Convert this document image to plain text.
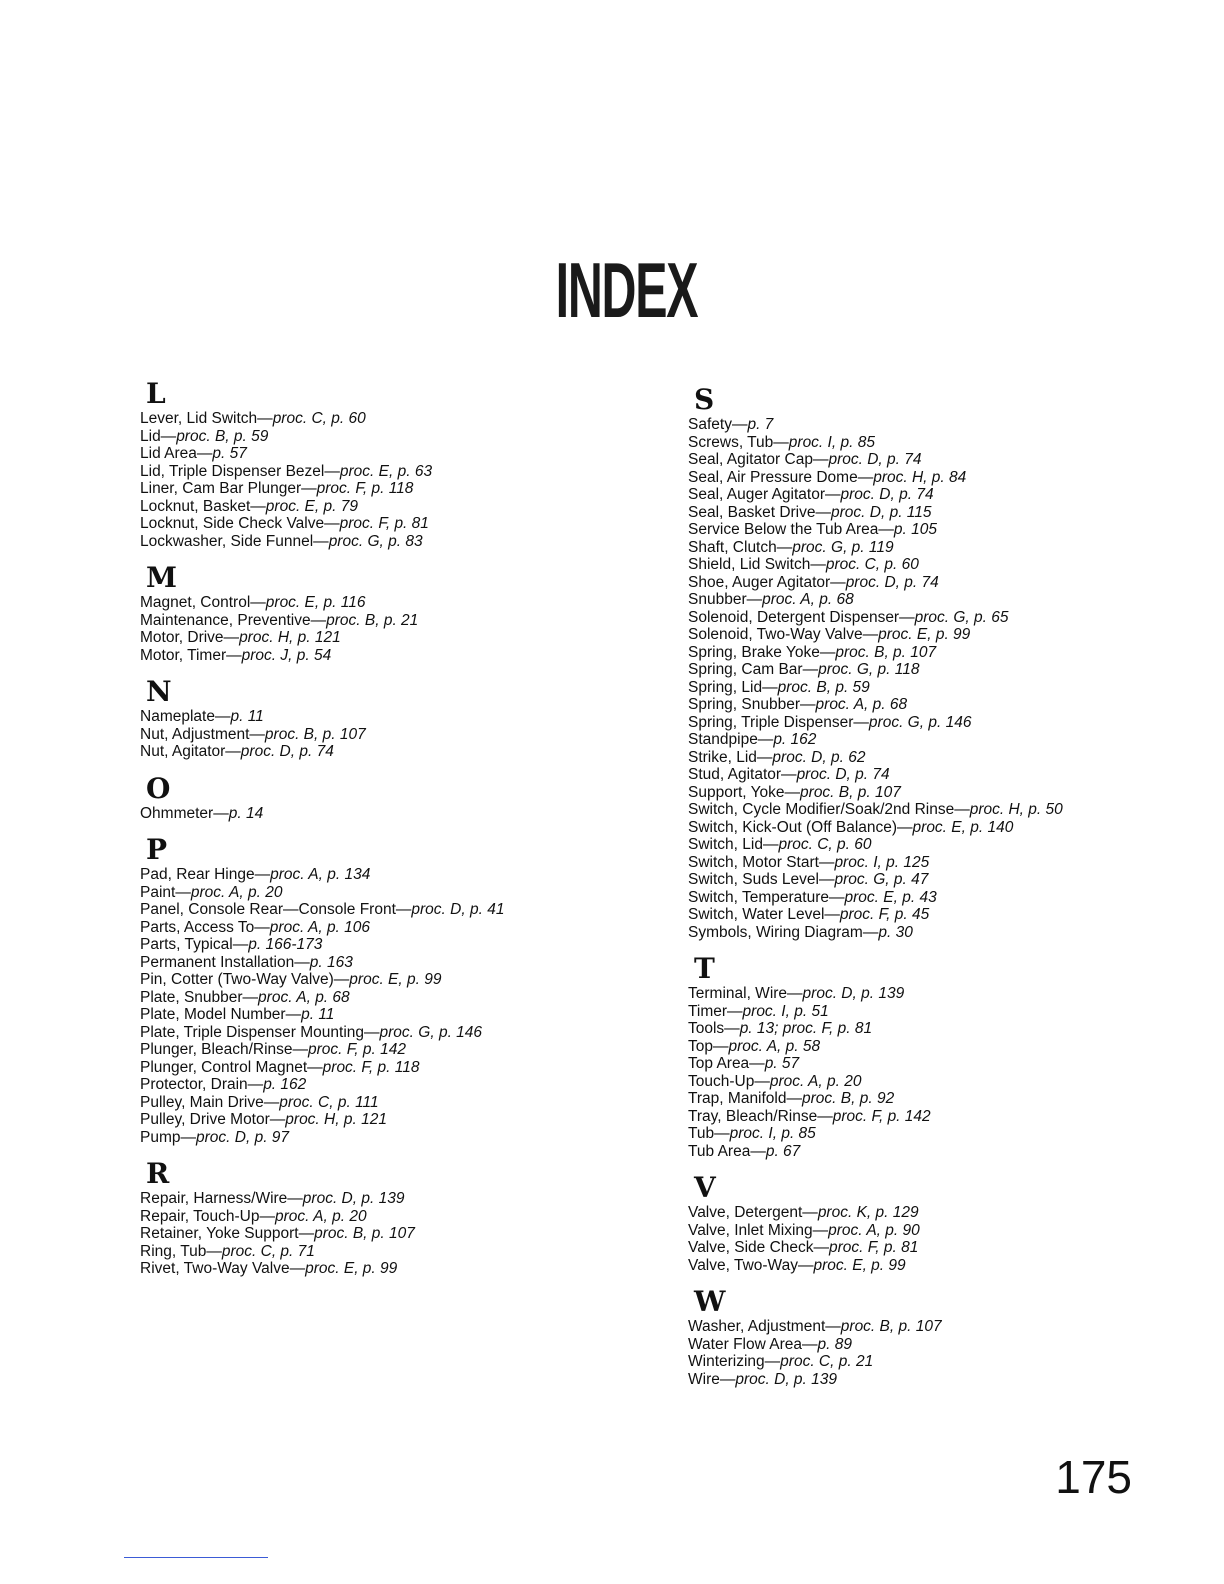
INDEX
L
Lever, Lid Switch—proc. C, p. 60
Lid—proc. B, p. 59
Lid Area—p. 57
Lid, Triple Dispenser Bezel—proc. E, p. 63
Liner, Cam Bar Plunger—proc. F, p. 118
Locknut, Basket—proc. E, p. 79
Locknut, Side Check Valve—proc. F, p. 81
Lockwasher, Side Funnel—proc. G, p. 83
M
Magnet, Control—proc. E, p. 116
Maintenance, Preventive—proc. B, p. 21
Motor, Drive—proc. H, p. 121
Motor, Timer—proc. J, p. 54
N
Nameplate—p. 11
Nut, Adjustment—proc. B, p. 107
Nut, Agitator—proc. D, p. 74
O
Ohmmeter—p. 14
P
Pad, Rear Hinge—proc. A, p. 134
Paint—proc. A, p. 20
Panel, Console Rear—Console Front—proc. D, p. 41
Parts, Access To—proc. A, p. 106
Parts, Typical—p. 166-173
Permanent Installation—p. 163
Pin, Cotter (Two-Way Valve)—proc. E, p. 99
Plate, Snubber—proc. A, p. 68
Plate, Model Number—p. 11
Plate, Triple Dispenser Mounting—proc. G, p. 146
Plunger, Bleach/Rinse—proc. F, p. 142
Plunger, Control Magnet—proc. F, p. 118
Protector, Drain—p. 162
Pulley, Main Drive—proc. C, p. 111
Pulley, Drive Motor—proc. H, p. 121
Pump—proc. D, p. 97
R
Repair, Harness/Wire—proc. D, p. 139
Repair, Touch-Up—proc. A, p. 20
Retainer, Yoke Support—proc. B, p. 107
Ring, Tub—proc. C, p. 71
Rivet, Two-Way Valve—proc. E, p. 99
S
Safety—p. 7
Screws, Tub—proc. I, p. 85
Seal, Agitator Cap—proc. D, p. 74
Seal, Air Pressure Dome—proc. H, p. 84
Seal, Auger Agitator—proc. D, p. 74
Seal, Basket Drive—proc. D, p. 115
Service Below the Tub Area—p. 105
Shaft, Clutch—proc. G, p. 119
Shield, Lid Switch—proc. C, p. 60
Shoe, Auger Agitator—proc. D, p. 74
Snubber—proc. A, p. 68
Solenoid, Detergent Dispenser—proc. G, p. 65
Solenoid, Two-Way Valve—proc. E, p. 99
Spring, Brake Yoke—proc. B, p. 107
Spring, Cam Bar—proc. G, p. 118
Spring, Lid—proc. B, p. 59
Spring, Snubber—proc. A, p. 68
Spring, Triple Dispenser—proc. G, p. 146
Standpipe—p. 162
Strike, Lid—proc. D, p. 62
Stud, Agitator—proc. D, p. 74
Support, Yoke—proc. B, p. 107
Switch, Cycle Modifier/Soak/2nd Rinse—proc. H, p. 50
Switch, Kick-Out (Off Balance)—proc. E, p. 140
Switch, Lid—proc. C, p. 60
Switch, Motor Start—proc. I, p. 125
Switch, Suds Level—proc. G, p. 47
Switch, Temperature—proc. E, p. 43
Switch, Water Level—proc. F, p. 45
Symbols, Wiring Diagram—p. 30
T
Terminal, Wire—proc. D, p. 139
Timer—proc. I, p. 51
Tools—p. 13; proc. F, p. 81
Top—proc. A, p. 58
Top Area—p. 57
Touch-Up—proc. A, p. 20
Trap, Manifold—proc. B, p. 92
Tray, Bleach/Rinse—proc. F, p. 142
Tub—proc. I, p. 85
Tub Area—p. 67
V
Valve, Detergent—proc. K, p. 129
Valve, Inlet Mixing—proc. A, p. 90
Valve, Side Check—proc. F, p. 81
Valve, Two-Way—proc. E, p. 99
W
Washer, Adjustment—proc. B, p. 107
Water Flow Area—p. 89
Winterizing—proc. C, p. 21
Wire—proc. D, p. 139
175
